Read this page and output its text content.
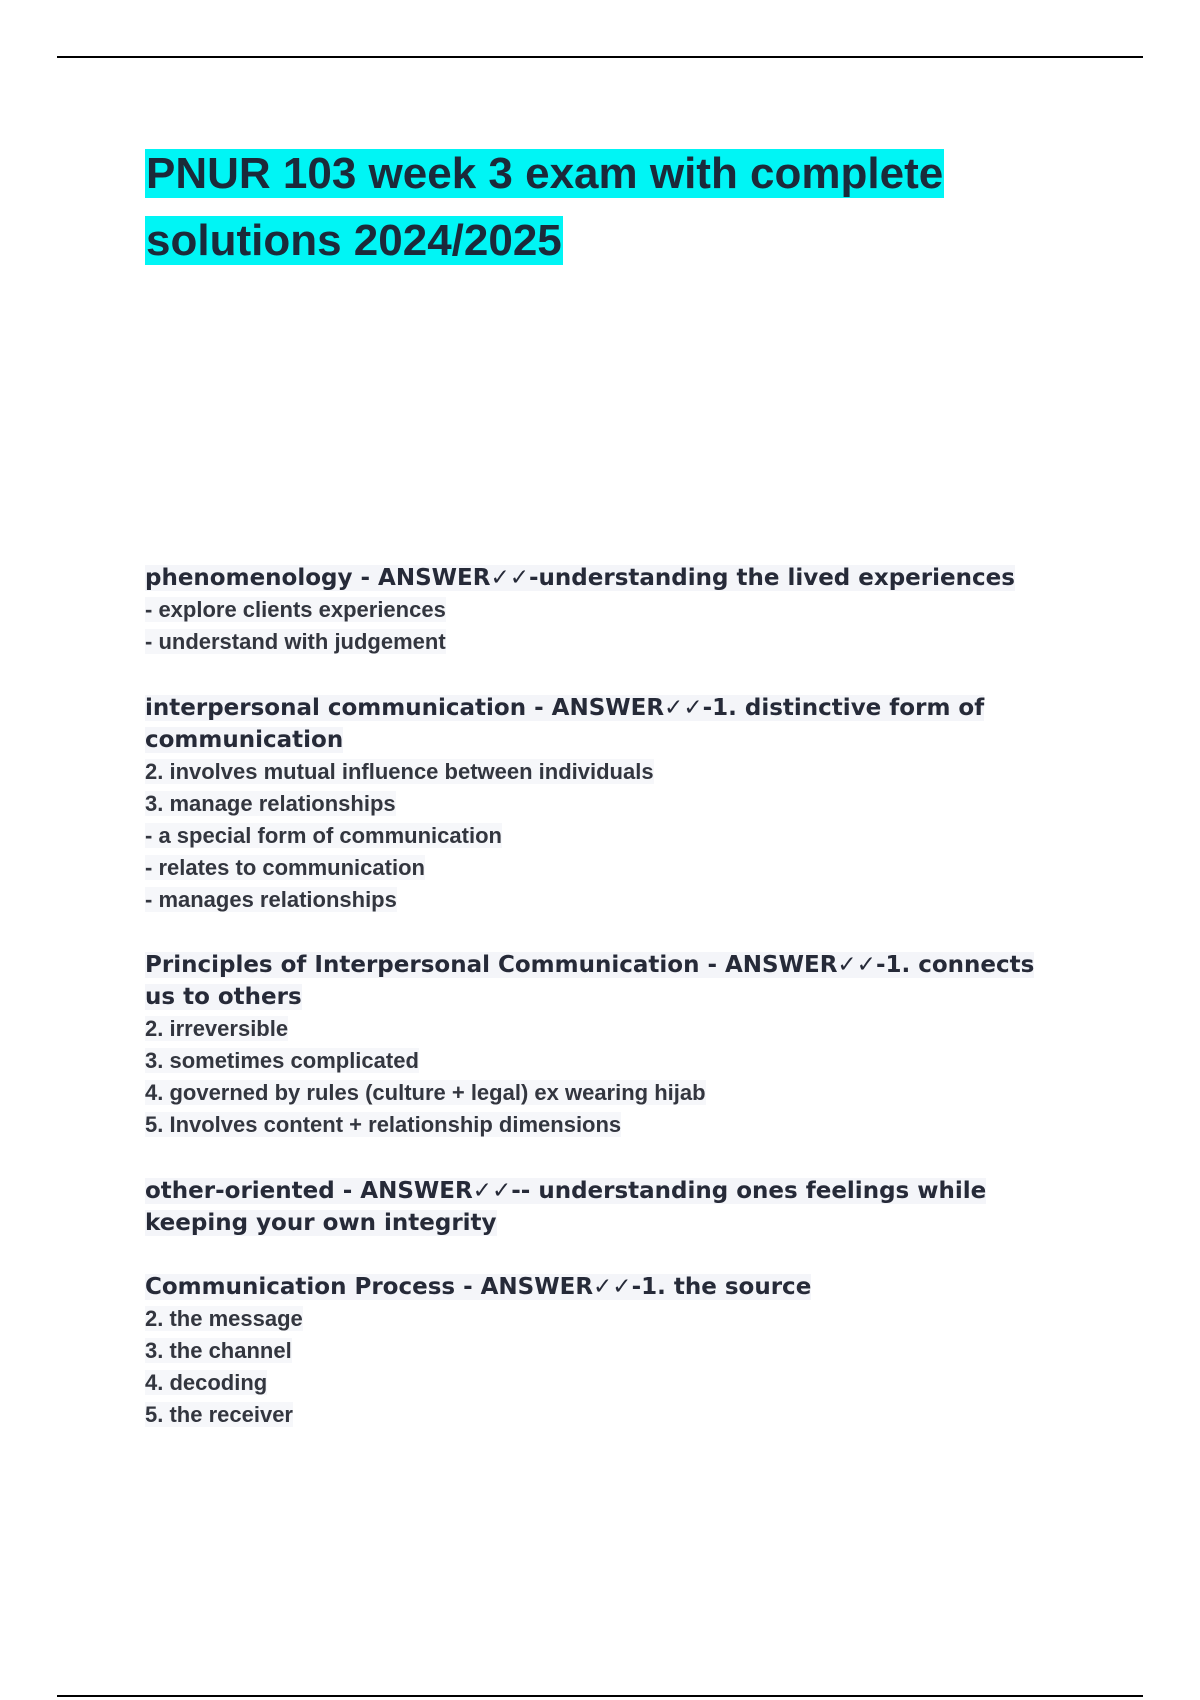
PNUR 103 week 3 exam with complete
solutions 2024/2025

phenomenology - ANSWER✓✓-understanding the lived experiences

- explore clients experiences

- understand with judgement

interpersonal communication - ANSWER✓✓-1. distinctive form of
communication

2. involves mutual influence between individuals

3. manage relationships

- a special form of communication

- relates to communication

- manages relationships

Principles of Interpersonal Communication - ANSWER✓✓-1. connects
us to others

2. irreversible

3. sometimes complicated

4. governed by rules (culture + legal) ex wearing hijab

5. Involves content + relationship dimensions

other-oriented - ANSWER✓✓-- understanding ones feelings while
keeping your own integrity

Communication Process - ANSWER✓✓-1. the source

2. the message

3. the channel

4. decoding

5. the receiver
